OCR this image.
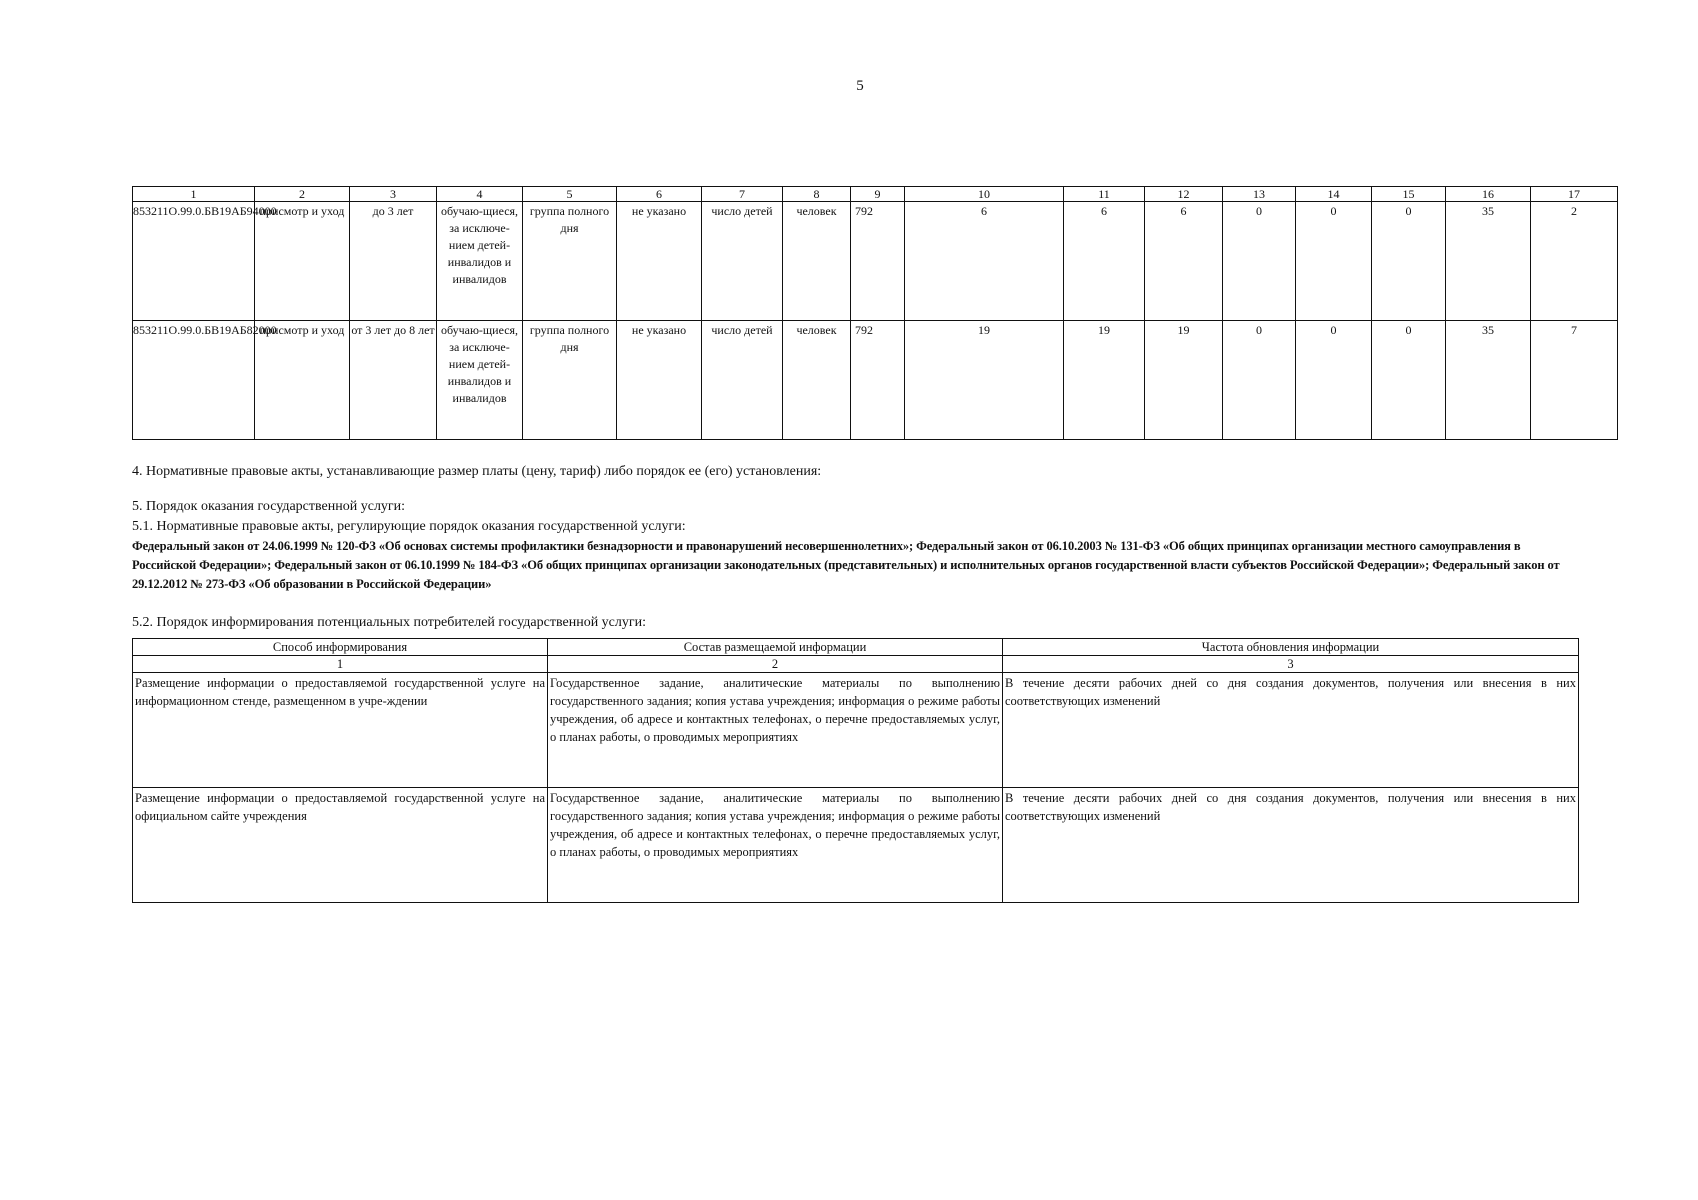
5
1	2	3	4	5	6	7	8	9	10	11	12	13	14	15	16	17
853211О.99.0.БВ19АБ94000	присмотр и уход	до 3 лет	обучаю-щиеся, за исключе-нием детей-инвалидов и инвалидов	группа полного дня	не указано	число детей	человек	792	6	6	6	0	0	0	35	2
853211О.99.0.БВ19АБ82000	присмотр и уход	от 3 лет до 8 лет	обучаю-щиеся, за исключе-нием детей-инвалидов и инвалидов	группа полного дня	не указано	число детей	человек	792	19	19	19	0	0	0	35	7
4. Нормативные правовые акты, устанавливающие размер платы (цену, тариф) либо порядок ее (его) установления:
5. Порядок оказания государственной услуги:
5.1. Нормативные правовые акты, регулирующие порядок оказания государственной услуги:
Федеральный закон от 24.06.1999 № 120-ФЗ «Об основах системы профилактики безнадзорности и правонарушений несовершеннолетних»; Федеральный закон от 06.10.2003 № 131-ФЗ «Об общих принципах организации местного самоуправления в Российской Федерации»; Федеральный закон от 06.10.1999 № 184-ФЗ «Об общих принципах организации законодательных (представительных) и исполнительных органов государственной власти субъектов Российской Федерации»; Федеральный закон от 29.12.2012 № 273-ФЗ «Об образовании в Российской Федерации»
5.2. Порядок информирования потенциальных потребителей государственной услуги:
Способ информирования	Состав размещаемой информации	Частота обновления информации
1	2	3
Размещение информации о предоставляемой государственной услуге на информационном стенде, размещенном в учре-ждении	Государственное задание, аналитические материалы по выполнению государственного задания; копия устава учреждения; информация о режиме работы учреждения, об адресе и контактных телефонах, о перечне предоставляемых услуг, о планах работы, о проводимых мероприятиях	В течение десяти рабочих дней со дня создания документов, получения или внесения в них соответствующих изменений
Размещение информации о предоставляемой государственной услуге на официальном сайте учреждения	Государственное задание, аналитические материалы по выполнению государственного задания; копия устава учреждения; информация о режиме работы учреждения, об адресе и контактных телефонах, о перечне предоставляемых услуг, о планах работы, о проводимых мероприятиях	В течение десяти рабочих дней со дня создания документов, получения или внесения в них соответствующих изменений
